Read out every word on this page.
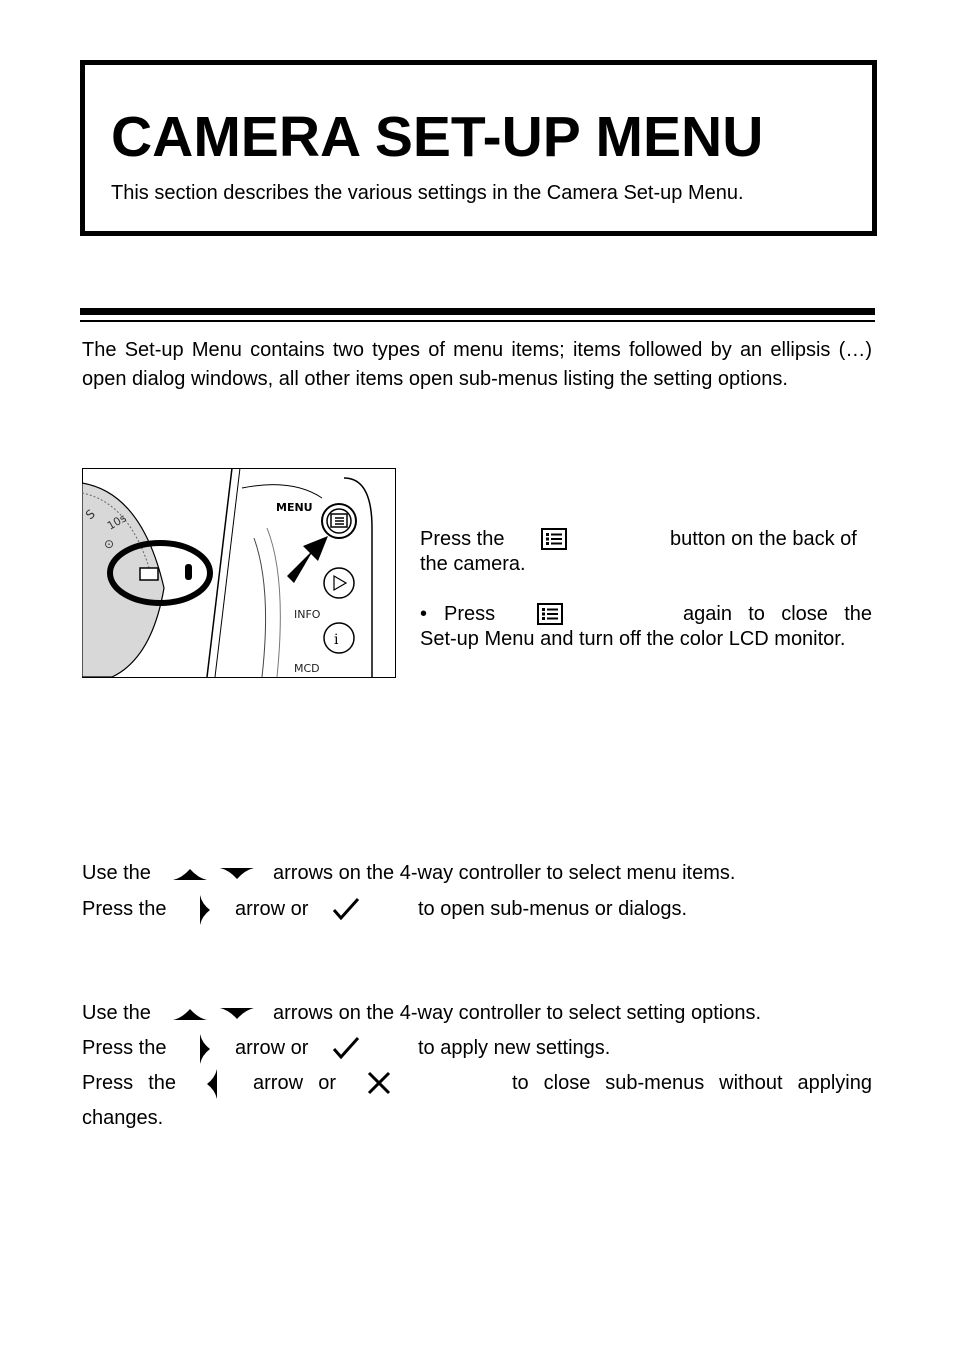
CAMERA SET-UP MENU
This section describes the various settings in the Camera Set-up Menu.
The Set-up Menu contains two types of menu items; items followed by an ellipsis (…) open dialog windows, all other items open sub-menus listing the setting options.
S 10s
⊙
MENU
INFO
i
MCD
Press the	button on the back of
the camera.
• Press	again to close the
Set-up Menu and turn off the color LCD monitor.
Use the	arrows on the 4-way controller to select menu items.
Press the	arrow or	to open sub-menus or dialogs.
Use the	arrows on the 4-way controller to select setting options.
Press the	arrow or	to apply new settings.
Press the	arrow or	to close sub-menus without applying
changes.
